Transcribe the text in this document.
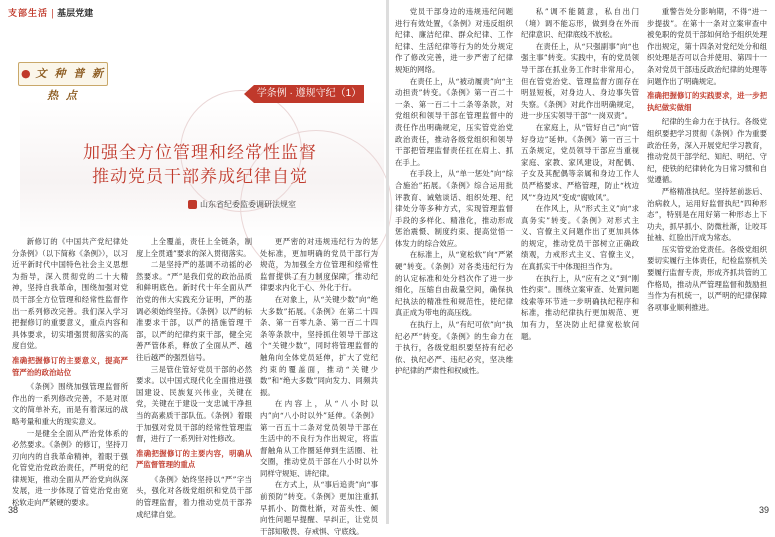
支部生活 | 基层党建
● 文 种 普 新 热 点	学条例 · 遵规守纪（1）
加强全方位管理和经常性监督
推动党员干部养成纪律自觉
山东省纪委监委调研法规室

新修订的《中国共产党纪律处分条例》（以下简称《条例》），以习近平新时代中国特色社会主义思想为指导，深入贯彻党的二十大精神，坚持自我革命，围绕加强对党员干部全方位管理和经常性监督作出一系列修改完善。我们深入学习把握修订的重要意义，重点内容和具体要求，切实增强贯彻落实的高度自觉。

准确把握修订的主要意义，提高严管严治的政治站位

《条例》围绕加强管理监督所作出的一系列修改完善，不是对原文的简单补充，而是有着深远的战略考量和重大的现实意义。

一是健全全面从严治党体系的必然要求。《条例》的修订，坚持刀刃向内的自我革命精神，着眼于强化管党治党政治责任，严明党的纪律规矩，推动全面从严治党向纵深发展，进一步体现了管党治党由宽松软走向严紧硬的要求。

上全覆盖，责任上全链条，制度上全贯通”要求的深入贯彻落实。

二是坚持严的基调不动摇的必然要求。“严”是我们党的政治品质和鲜明底色。新时代十年全面从严治党的伟大实践充分证明，严的基调必须始终坚持。《条例》以严的标准要求干部，以严的措施管理干部，以严的纪律约束干部，健全完善严管体系，释放了全面从严、越往后越严的强烈信号。

三是管住管好党员干部的必然要求。以中国式现代化全面推进强国建设、民族复兴伟业，关键在党，关键在于建设一支忠诚干净担当的高素质干部队伍。《条例》着眼于加强对党员干部的经常性管理监督，进行了一系列针对性修改。

准确把握修订的主要内容，明确从严监督管理的重点

《条例》始终坚持以“严”字当头，强化对各级党组织和党员干部的管理监督，着力推动党员干部养成纪律自觉。

更严密的对违规违纪行为的惩处标准，更加明确的党员干部行为规范，为加强全方位管理和经常性监督提供了有力制度保障，推动纪律要求内化于心、外化于行。

在对象上，从“关键少数”向“绝大多数”拓展。《条例》在第二十四条、第一百零九条、第一百二十四条等条款中，坚持抓住领导干部这个“关键少数”，同时将管理监督的触角向全体党员延伸，扩大了党纪约束的覆盖面，推动“关键少数”和“绝大多数”同向发力、同频共振。

在内容上，从“八小时以内”向“八小时以外”延伸。《条例》第一百五十二条对党员领导干部在生活中的不良行为作出规定，将监督触角从工作圈延伸到生活圈、社交圈，推动党员干部在八小时以外同样守规矩、讲纪律。

在方式上，从“事后追责”向“事前预防”转变。《条例》更加注重抓早抓小、防微杜渐，对苗头性、倾向性问题早提醒、早纠正，让党员干部知敬畏、存戒惧、守底线。

38

党员干部身边的违规违纪问题进行有效处置，《条例》对违反组织纪律、廉洁纪律、群众纪律、工作纪律、生活纪律等行为的处分规定作了修改完善，进一步严密了纪律规矩的网络。

在责任上，从“被动履责”向“主动担责”转变。《条例》第一百二十一条、第一百二十二条等条款，对党组织和领导干部在管理监督中的责任作出明确规定，压实管党治党政治责任，推动各级党组织和领导干部把管理监督责任扛在肩上、抓在手上。

在手段上，从“单一惩处”向“综合施治”拓展。《条例》综合运用批评教育、诫勉谈话、组织处理、纪律处分等多种方式，实现管理监督手段的多样化、精准化，推动形成惩治震慑、制度约束、提高觉悟一体发力的综合效应。

在标准上，从“宽松软”向“严紧硬”转变。《条例》对各类违纪行为的认定标准和处分档次作了进一步细化，压缩自由裁量空间，确保执纪执法的精准性和规范性，使纪律真正成为带电的高压线。

在执行上，从“有纪可依”向“执纪必严”转变。《条例》的生命力在于执行，各级党组织要坚持有纪必依、执纪必严、违纪必究，坚决维护纪律的严肃性和权威性。

私”调不能随意，私自出门（境）调不能忘形，做到身在外而纪律意识、纪律底线不放松。

在责任上，从“只强副事”向“也强主事”转变。实践中，有的党员领导干部在抓业务工作时非常用心，但在管党治党、管理监督方面存在明显短板，对身边人、身边事失管失察。《条例》对此作出明确规定，进一步压实领导干部“一岗双责”。

在家庭上，从“管好自己”向“管好身边”延伸。《条例》第一百三十五条规定，党员领导干部应当重视家庭、家教、家风建设，对配偶、子女及其配偶等亲属和身边工作人员严格要求、严格管理，防止“枕边风”“身边风”变成“腐败风”。

在作风上，从“形式主义”向“求真务实”转变。《条例》对形式主义、官僚主义问题作出了更加具体的规定，推动党员干部树立正确政绩观，力戒形式主义、官僚主义，在真抓实干中体现担当作为。

在执行上，从“应有之义”到“刚性约束”。围绕立案审查、处置问题线索等环节进一步明确执纪程序和标准，推动纪律执行更加规范、更加有力，坚决防止纪律宽松软问题。

重警告处分影响期，不得“进一步提拔”。在第十一条对立案审查中被免职的党员干部如何给予组织处理作出规定，第十四条对党纪处分和组织处理是否可以合并使用、第四十一条对党员干部违反政治纪律的处理等问题作出了明确规定。

准确把握修订的实践要求，进一步把执纪做实做细

纪律的生命力在于执行。各级党组织要把学习贯彻《条例》作为重要政治任务，深入开展党纪学习教育，推动党员干部学纪、知纪、明纪、守纪，使铁的纪律转化为日常习惯和自觉遵循。

严格精准执纪。坚持惩前毖后、治病救人，运用好监督执纪“四种形态”，特别是在用好第一种形态上下功夫，抓早抓小、防微杜渐，让咬耳扯袖、红脸出汗成为常态。

压实管党治党责任。各级党组织要切实履行主体责任，纪检监察机关要履行监督专责，形成齐抓共管的工作格局，推动从严管理监督和鼓励担当作为有机统一，以严明的纪律保障各项事业顺利推进。

39
